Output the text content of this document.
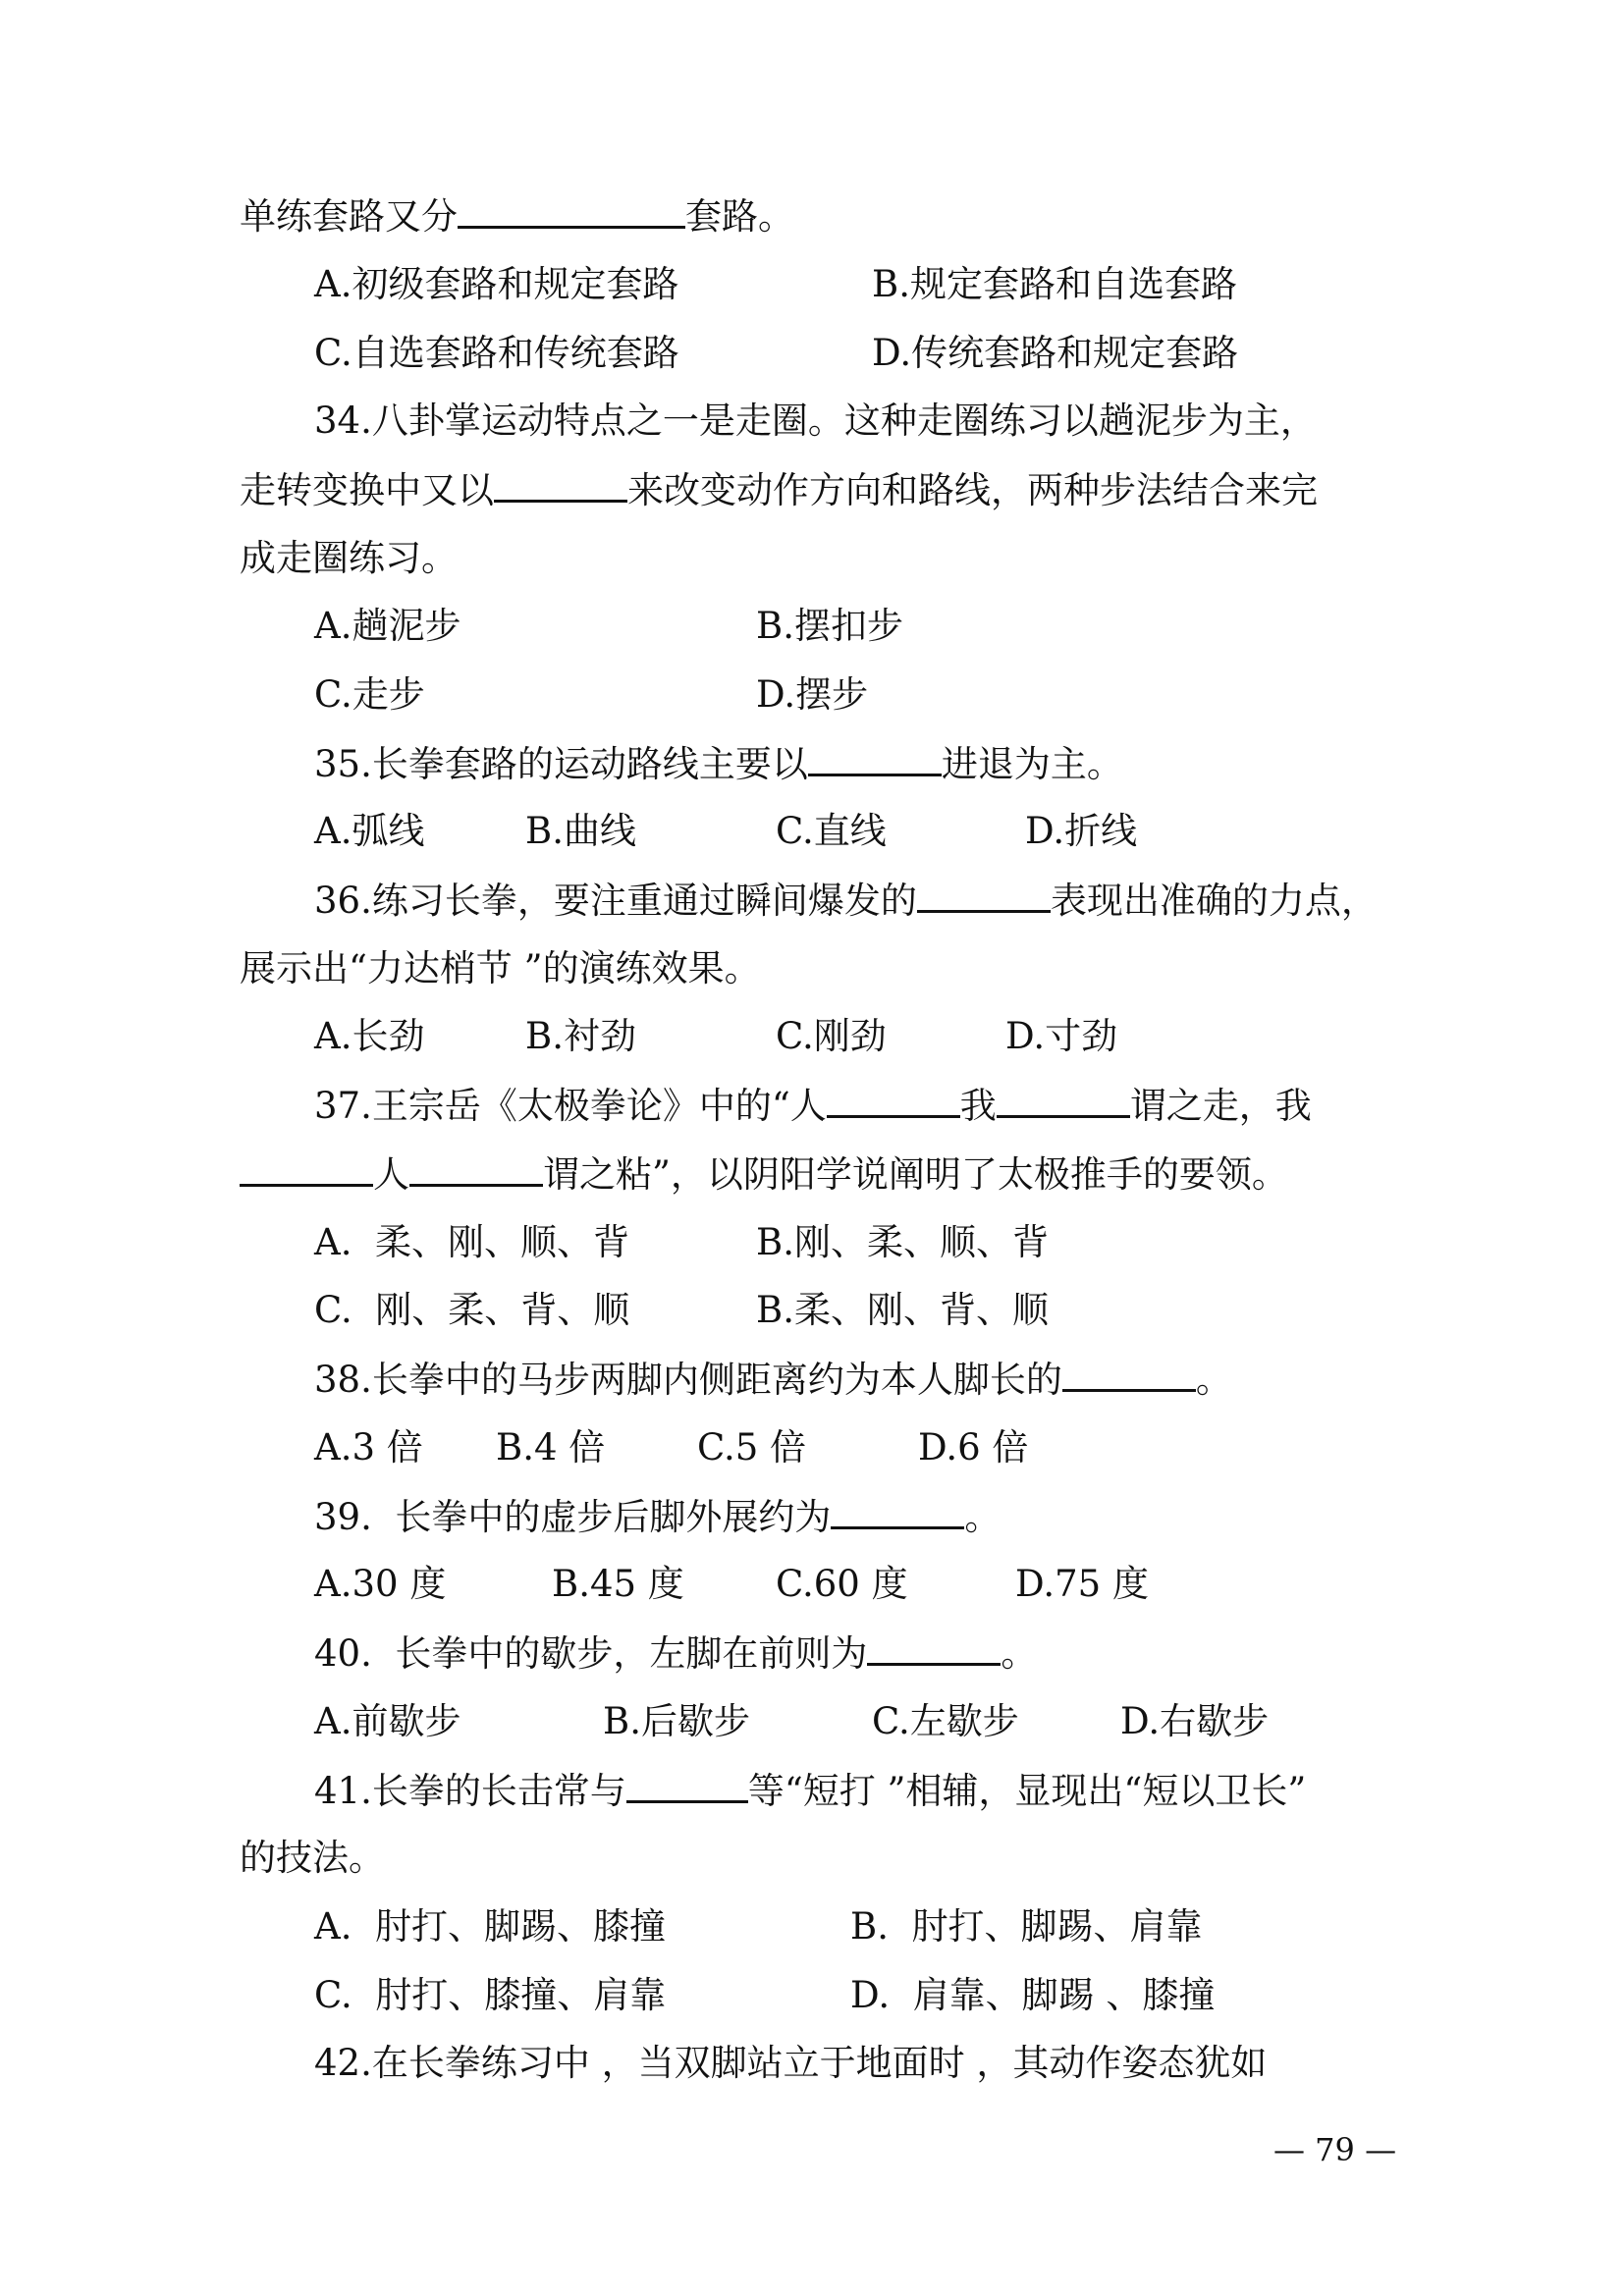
单练套路又分	套路。
A.初级套路和规定套路	B.规定套路和自选套路
C.自选套路和传统套路	D.传统套路和规定套路
34.八卦掌运动特点之一是走圈。这种走圈练习以趟泥步为主，
走转变换中又以	来改变动作方向和路线，两种步法结合来完
成走圈练习。
A.趟泥步	B.摆扣步
C.走步	D.摆步
35.长拳套路的运动路线主要以	进退为主。
A.弧线	B.曲线	C.直线	D.折线
36.练习长拳，要注重通过瞬间爆发的	表现出准确的力点，
展示出“力达梢节 ”的演练效果。
A.长劲	B.衬劲	C.刚劲	D.寸劲
37.王宗岳《太极拳论》中的“人	我	谓之走，我
人	谓之粘”，以阴阳学说阐明了太极推手的要领。
A.  柔、刚、顺、背	B.刚、柔、顺、背
C.  刚、柔、背、顺	B.柔、刚、背、顺
38.长拳中的马步两脚内侧距离约为本人脚长的	。
A.3 倍 B.4 倍	C.5 倍	D.6 倍
39.  长拳中的虚步后脚外展约为	。
A.30 度	B.45 度	C.60 度	D.75 度
40.  长拳中的歇步，左脚在前则为	。
A.前歇步	B.后歇步	C.左歇步	D.右歇步
41.长拳的长击常与	等“短打 ”相辅，显现出“短以卫长”
的技法。
A.  肘打、脚踢、膝撞	B.  肘打、脚踢、肩靠
C.  肘打、膝撞、肩靠	D.  肩靠、脚踢 、膝撞
42.在长拳练习中 ，当双脚站立于地面时 ，其动作姿态犹如
— 79 —
